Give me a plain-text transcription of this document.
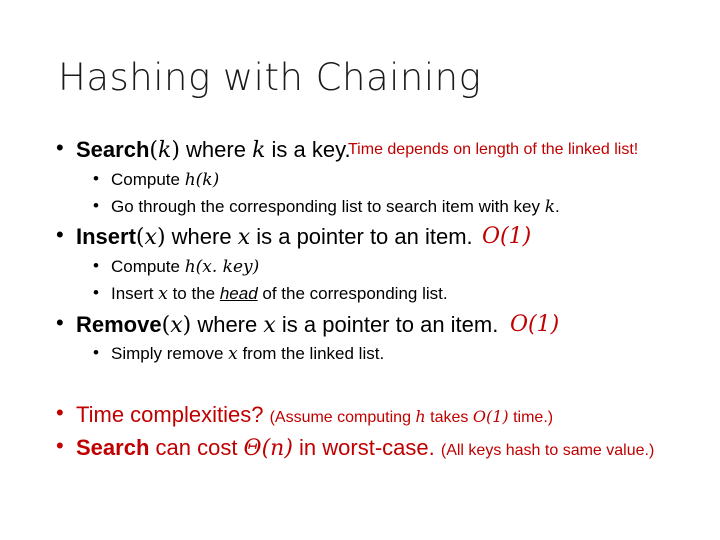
Hashing with Chaining
• Search(k) where k is a key.
Time depends on length of the linked list!
• Compute h(k)
• Go through the corresponding list to search item with key k.
• Insert(x) where x is a pointer to an item. O(1)
• Compute h(x. key)
• Insert x to the head of the corresponding list.
• Remove(x) where x is a pointer to an item. O(1)
• Simply remove x from the linked list.
• Time complexities? (Assume computing h takes O(1) time.)
• Search can cost Θ(n) in worst-case. (All keys hash to same value.)
